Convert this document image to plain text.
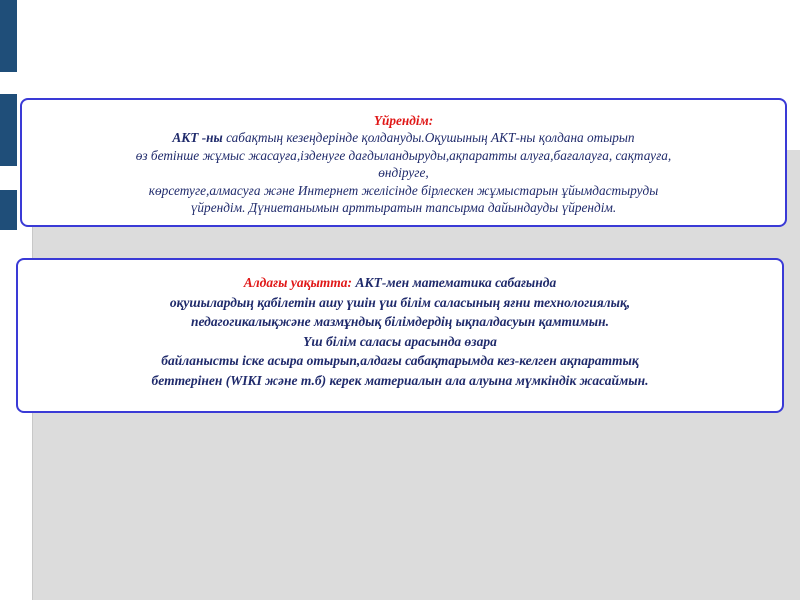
Үйрендім:
АКТ -ны сабақтың кезеңдерінде қолдануды.Оқушының АКТ-ны қолдана отырып
өз бетінше жұмыс жасауға,ізденуге дағдыландыруды,ақпаратты алуға,бағалауға, сақтауға,
өндіруге,
көрсетуге,алмасуға және Интернет желісінде бірлескен жұмыстарын ұйымдастыруды
үйрендім. Дүниетанымын арттыратын тапсырма дайындауды үйрендім.
Алдағы уақытта: АКТ-мен математика сабағында
оқушылардың қабілетін ашу үшін үш білім саласының яғни технологиялық,
педагогикалықжәне мазмұндық білімдердің ықпалдасуын қамтимын.
Үш білім саласы арасында өзара
байланысты іске асыра отырып,алдағы сабақтарымда кез-келген ақпараттық
беттерінен (WIKI және т.б) керек материалын ала алуына мүмкіндік жасаймын.
